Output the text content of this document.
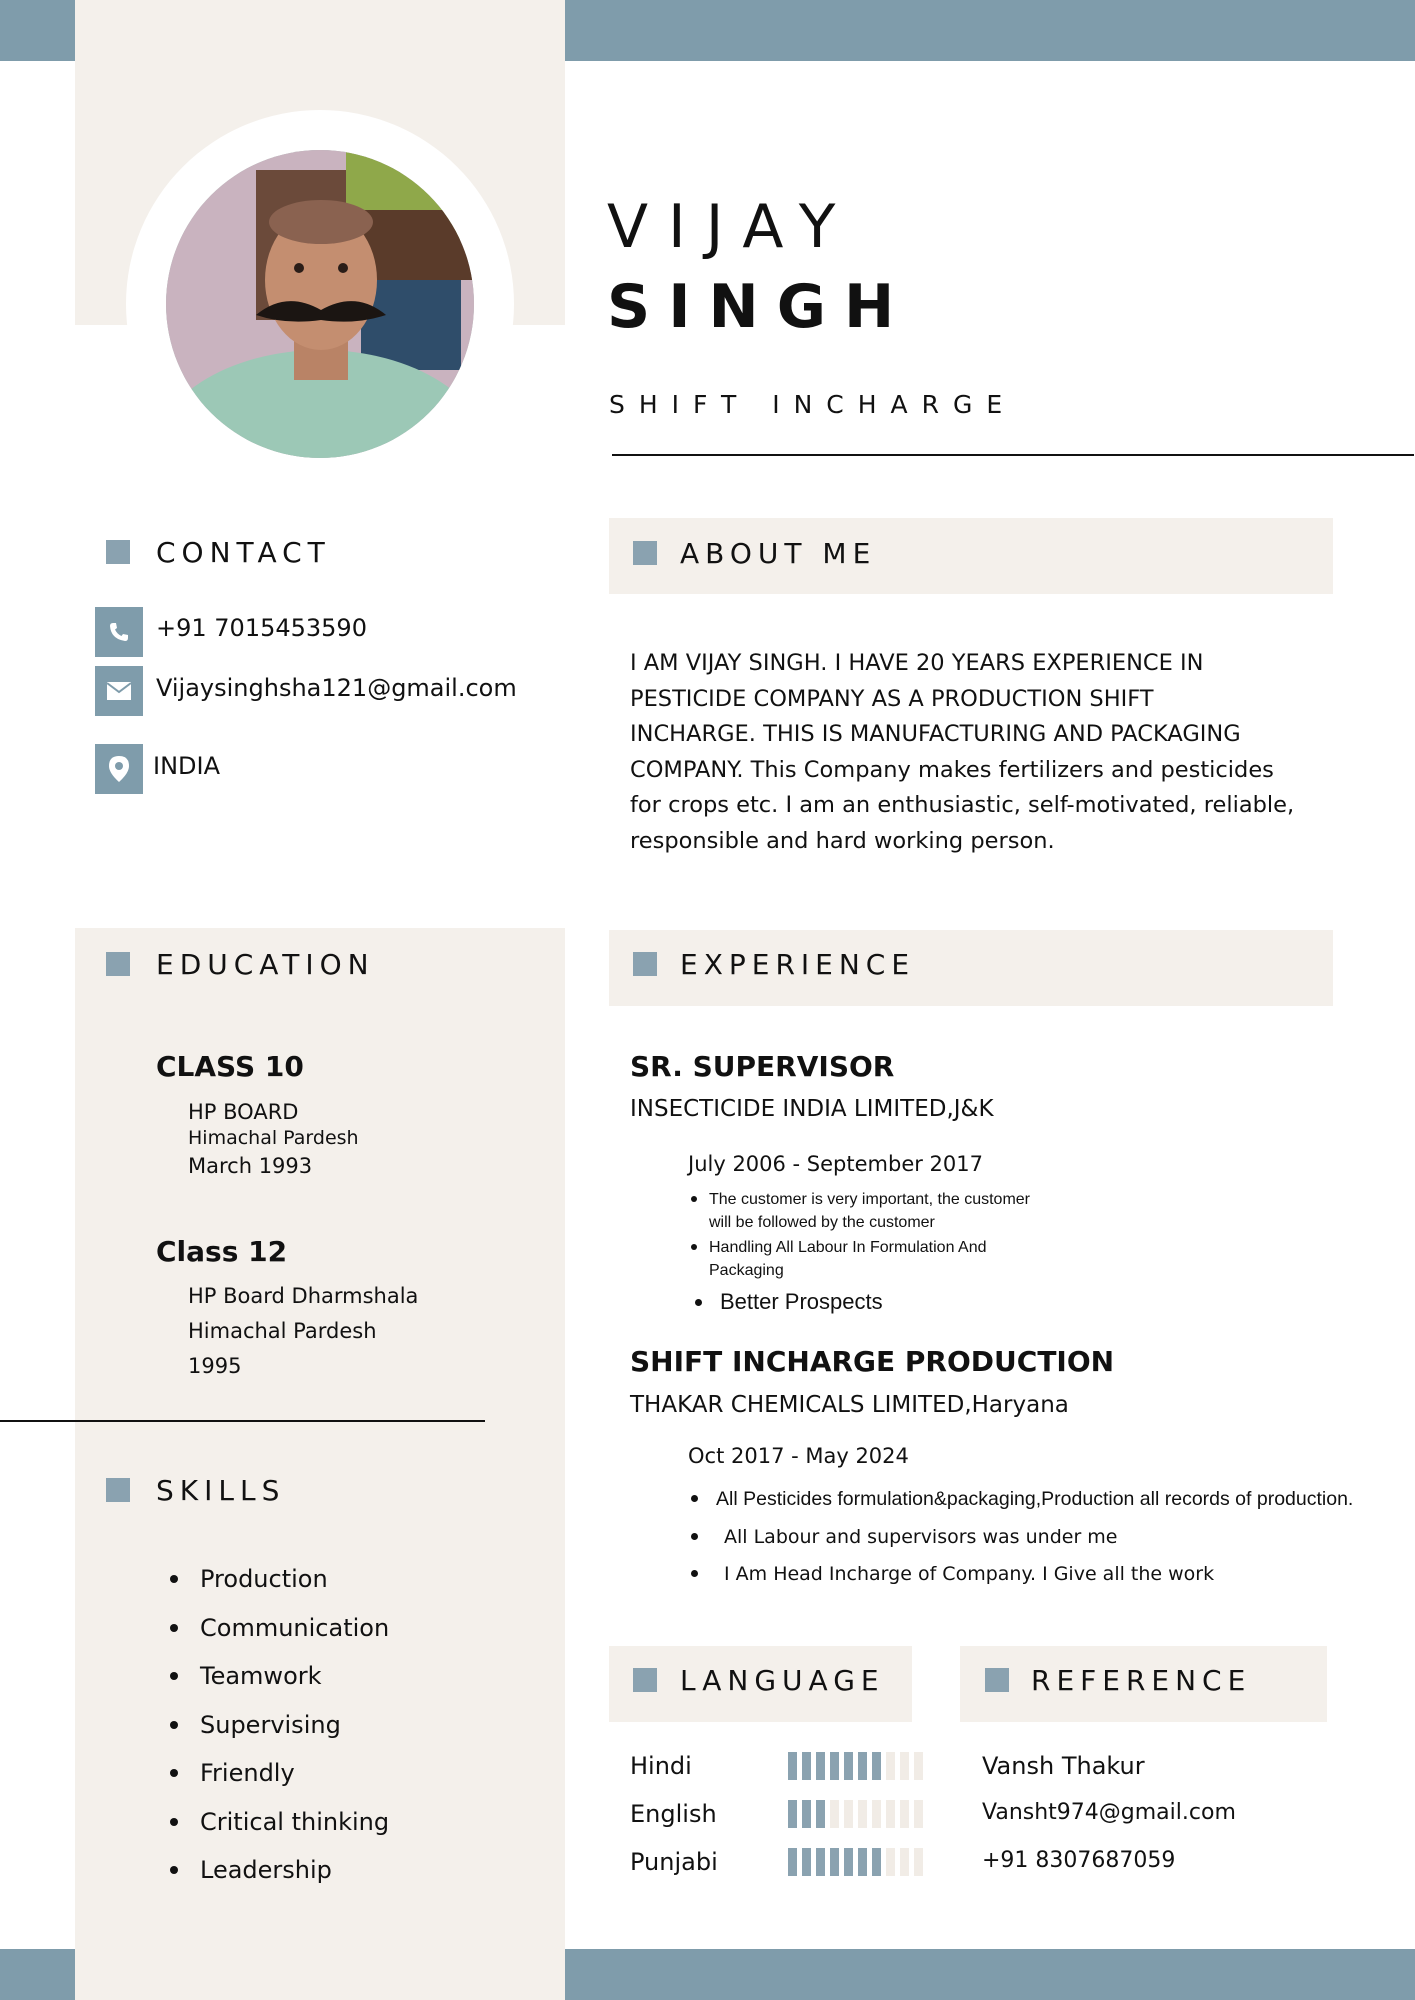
VIJAY
SINGH
SHIFT INCHARGE
CONTACT
+91 7015453590
Vijaysinghsha121@gmail.com
INDIA
ABOUT ME
I AM VIJAY SINGH. I HAVE 20 YEARS EXPERIENCE IN
PESTICIDE COMPANY AS A PRODUCTION SHIFT
INCHARGE. THIS IS MANUFACTURING AND PACKAGING
COMPANY. This Company makes fertilizers and pesticides
for crops etc. I am an enthusiastic, self-motivated, reliable,
responsible and hard working person.
EDUCATION
CLASS 10
HP BOARD
Himachal Pardesh
March 1993
Class 12
HP Board Dharmshala
Himachal Pardesh
1995
SKILLS
Production
Communication
Teamwork
Supervising
Friendly
Critical thinking
Leadership
EXPERIENCE
SR. SUPERVISOR
INSECTICIDE INDIA LIMITED,J&K
July 2006 - September 2017
The customer is very important, the customer
will be followed by the customer
Handling All Labour In Formulation And
Packaging
Better Prospects
SHIFT INCHARGE PRODUCTION
THAKAR CHEMICALS LIMITED,Haryana
Oct 2017 - May 2024
All Pesticides formulation&packaging,Production all records of production.
All Labour and supervisors was under me
I Am Head Incharge of Company. I Give all the work
LANGUAGE
Hindi
English
Punjabi
REFERENCE
Vansh Thakur
Vansht974@gmail.com
+91 8307687059
